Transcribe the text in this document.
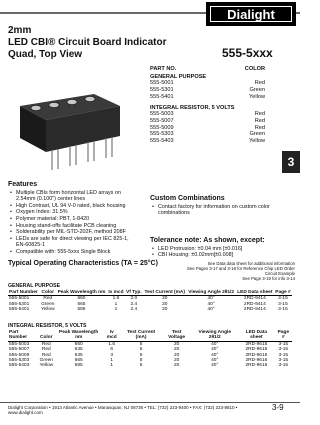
Dialight
2mm
LED CBI® Circuit Board Indicator
Quad, Top View	555-5xxx
3
PART NO.	COLOR
GENERAL PURPOSE
555-5001	Red
555-5301	Green
555-5401	Yellow
INTEGRAL RESISTOR, 5 VOLTS
555-5003	Red
555-5007	Red
555-5009	Red
555-5303	Green
555-5403	Yellow
Features
• Multiple CBIs form horizontal LED arrays on 2.54mm (0.100") center lines
• High Contrast, UL 94 V-0 rated, black housing
• Oxygen Index: 31.5%
• Polymer material: PBT, 1-8420
• Housing stand-offs facilitate PCB cleaning
• Solderability per MIL-STD-202F, method 208F
• LEDs are safe for direct viewing per IEC 825-1, EN-60825-1
• Compatible with: 555-5xxx Single Block
Custom Combinations
• Contact factory for information on custom color combinations
Tolerance note: As shown, except:
• LED Protrusion: ±0.04 mm [±0.016]
• CBI Housing: ±0.02mm[±0.008]
Typical Operating Characteristics (TA = 25°C)	See Data data sheet for additional information
See Pages 3-17 and 3-18 for Reference Chip LED Order Circuit Example
See Page 3-19 for info 3-14
GENERAL PURPOSE
Part Number	Color	Peak Wavelength nm	Iv mcd	Vf Typ.	Test Current (mA)	Viewing Angle 2θ1/2	LED Data sheet	Page #
555-5001	Red	660	1.6	2.0	20	40°	2RD-9414	3-15
555-5301	Green	565	1	2.4	20	40°	2RD-9414	3-15
555-5401	Yellow	585	1	2.4	20	40°	2RD-9414	3-15
INTEGRAL RESISTOR, 5 VOLTS
Part Number	Color	Peak Wavelength nm	Iv mcd	Test Current (mA)	Test Voltage	Viewing Angle 2θ1/2	LED Data sheet	Page #
555-5003	Red	660	1.6	5	20	40°	2RD-9615	3-15
555-5007	Red	635	6	5	20	40°	2RD-9615	3-15
555-5009	Red	635	3	5	20	40°	2RD-9615	3-15
555-5303	Green	565	1	5	20	40°	2RD-9616	3-15
555-5403	Yellow	585	1	5	20	40°	2RD-9616	3-15
Dialight Corporation • 1913 Atlantic Avenue • Manasquan, NJ 08736 • TEL: (732) 223-9400 • FAX: (732) 223-8810 • www.dialight.com
3-9
